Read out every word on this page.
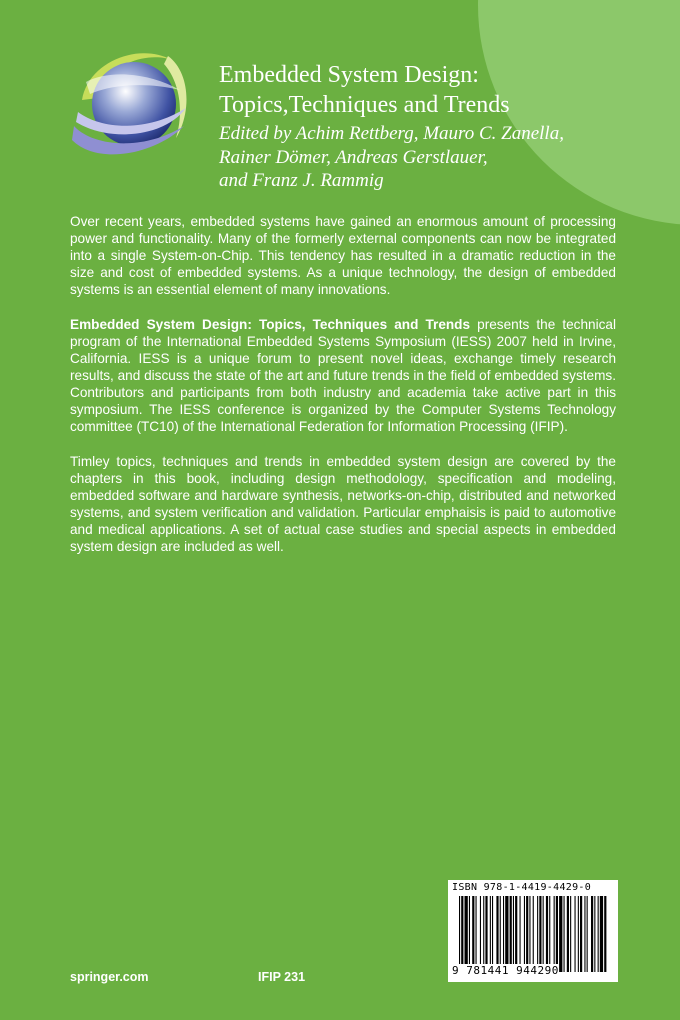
Embedded System Design:
Topics,Techniques and Trends
Edited by Achim Rettberg, Mauro C. Zanella,
Rainer Dömer, Andreas Gerstlauer,
and Franz J. Rammig

Over recent years, embedded systems have gained an enormous amount of processing power and functionality. Many of the formerly external components can now be integrated into a single System-on-Chip. This tendency has resulted in a dramatic reduction in the size and cost of embedded systems. As a unique technology, the design of embedded systems is an essential element of many innovations.

Embedded System Design: Topics, Techniques and Trends presents the technical program of the International Embedded Systems Symposium (IESS) 2007 held in Irvine, California. IESS is a unique forum to present novel ideas, exchange timely research results, and discuss the state of the art and future trends in the field of embedded systems. Contributors and participants from both industry and academia take active part in this symposium. The IESS conference is organized by the Computer Systems Technology committee (TC10) of the International Federation for Information Processing (IFIP).

Timley topics, techniques and trends in embedded system design are covered by the chapters in this book, including design methodology, specification and modeling, embedded software and hardware synthesis, networks-on-chip, distributed and networked systems, and system verification and validation. Particular emphaisis is paid to automotive and medical applications. A set of actual case studies and special aspects in embedded system design are included as well.

springer.com	IFIP 231
ISBN 978-1-4419-4429-0
9 781441 944290
